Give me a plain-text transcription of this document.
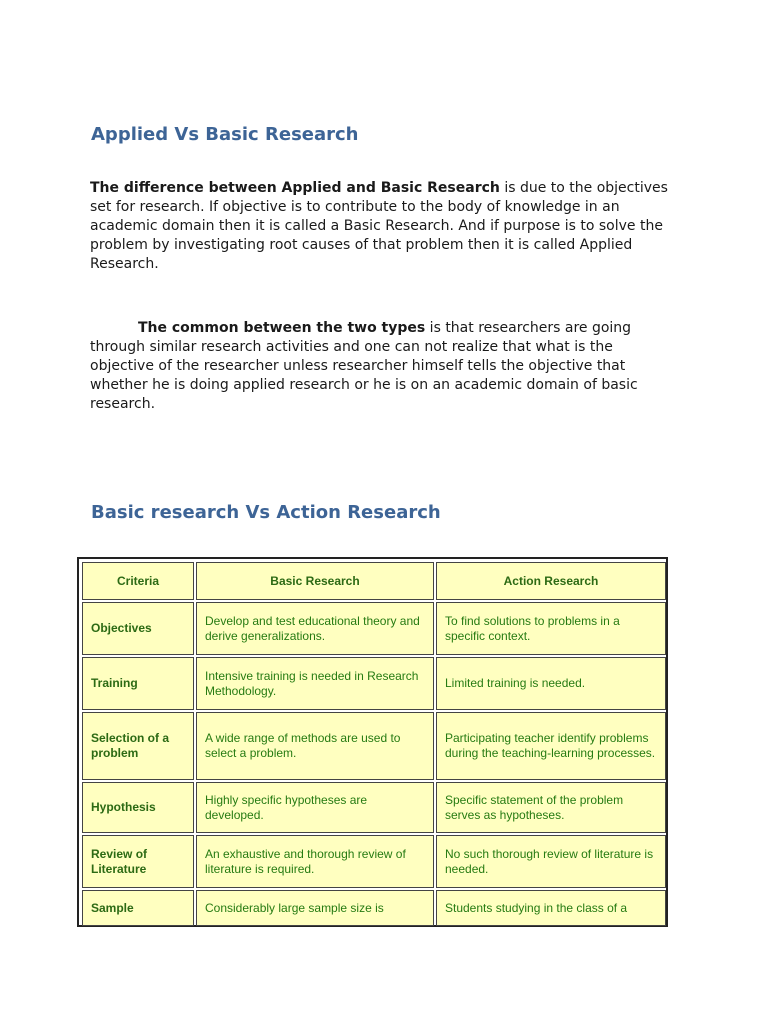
Applied Vs Basic Research

The difference between Applied and Basic Research is due to the objectives set for research. If objective is to contribute to the body of knowledge in an academic domain then it is called a Basic Research. And if purpose is to solve the problem by investigating root causes of that problem then it is called Applied Research.

The common between the two types is that researchers are going through similar research activities and one can not realize that what is the objective of the researcher unless researcher himself tells the objective that whether he is doing applied research or he is on an academic domain of basic research.

Basic research Vs Action Research
Criteria	Basic Research	Action Research
Objectives	Develop and test educational theory and derive generalizations.	To find solutions to problems in a specific context.
Training	Intensive training is needed in Research Methodology.	Limited training is needed.
Selection of a problem	A wide range of methods are used to select a problem.	Participating teacher identify problems during the teaching-learning processes.
Hypothesis	Highly specific hypotheses are developed.	Specific statement of the problem serves as hypotheses.
Review of Literature	An exhaustive and thorough review of literature is required.	No such thorough review of literature is needed.
Sample	Considerably large sample size is	Students studying in the class of a
